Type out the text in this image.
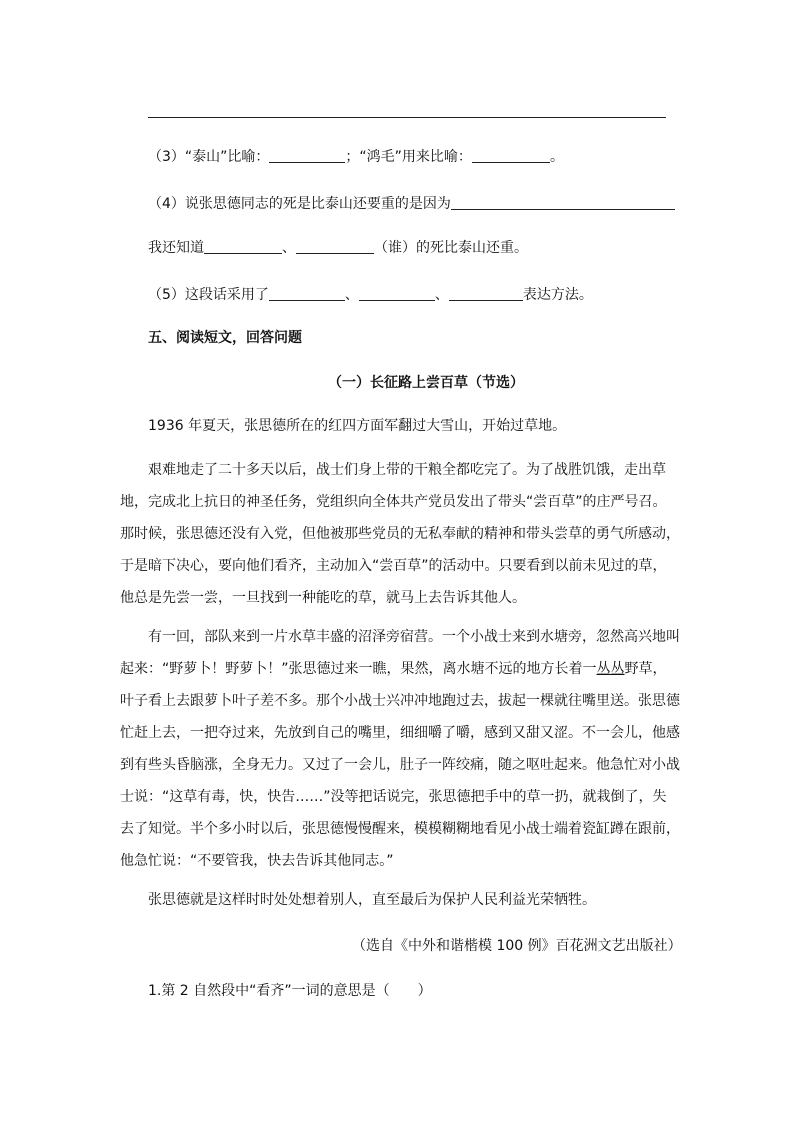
（3）“泰山”比喻：	；“鸿毛”用来比喻：	。
（4）说张思德同志的死是比泰山还要重的是因为
我还知道	、	（谁）的死比泰山还重。
（5）这段话采用了	、	、	表达方法。
五、阅读短文，回答问题
（一）长征路上尝百草（节选）
1936 年夏天，张思德所在的红四方面军翻过大雪山，开始过草地。

艰难地走了二十多天以后，战士们身上带的干粮全都吃完了。为了战胜饥饿，走出草地，完成北上抗日的神圣任务，党组织向全体共产党员发出了带头“尝百草”的庄严号召。那时候，张思德还没有入党，但他被那些党员的无私奉献的精神和带头尝草的勇气所感动，于是暗下决心，要向他们看齐，主动加入“尝百草”的活动中。只要看到以前未见过的草，他总是先尝一尝，一旦找到一种能吃的草，就马上去告诉其他人。

有一回，部队来到一片水草丰盛的沼泽旁宿营。一个小战士来到水塘旁，忽然高兴地叫起来：“野萝卜！野萝卜！”张思德过来一瞧，果然，离水塘不远的地方长着一丛丛野草，叶子看上去跟萝卜叶子差不多。那个小战士兴冲冲地跑过去，拔起一棵就往嘴里送。张思德忙赶上去，一把夺过来，先放到自己的嘴里，细细嚼了嚼，感到又甜又涩。不一会儿，他感到有些头昏脑涨，全身无力。又过了一会儿，肚子一阵绞痛，随之呕吐起来。他急忙对小战士说：“这草有毒，快，快告……”没等把话说完，张思德把手中的草一扔，就栽倒了，失去了知觉。半个多小时以后，张思德慢慢醒来，模模糊糊地看见小战士端着瓷缸蹲在跟前，他急忙说：“不要管我，快去告诉其他同志。”

张思德就是这样时时处处想着别人，直至最后为保护人民利益光荣牺牲。
（选自《中外和谐楷模 100 例》百花洲文艺出版社）
1.第 2 自然段中“看齐”一词的意思是（　　）
